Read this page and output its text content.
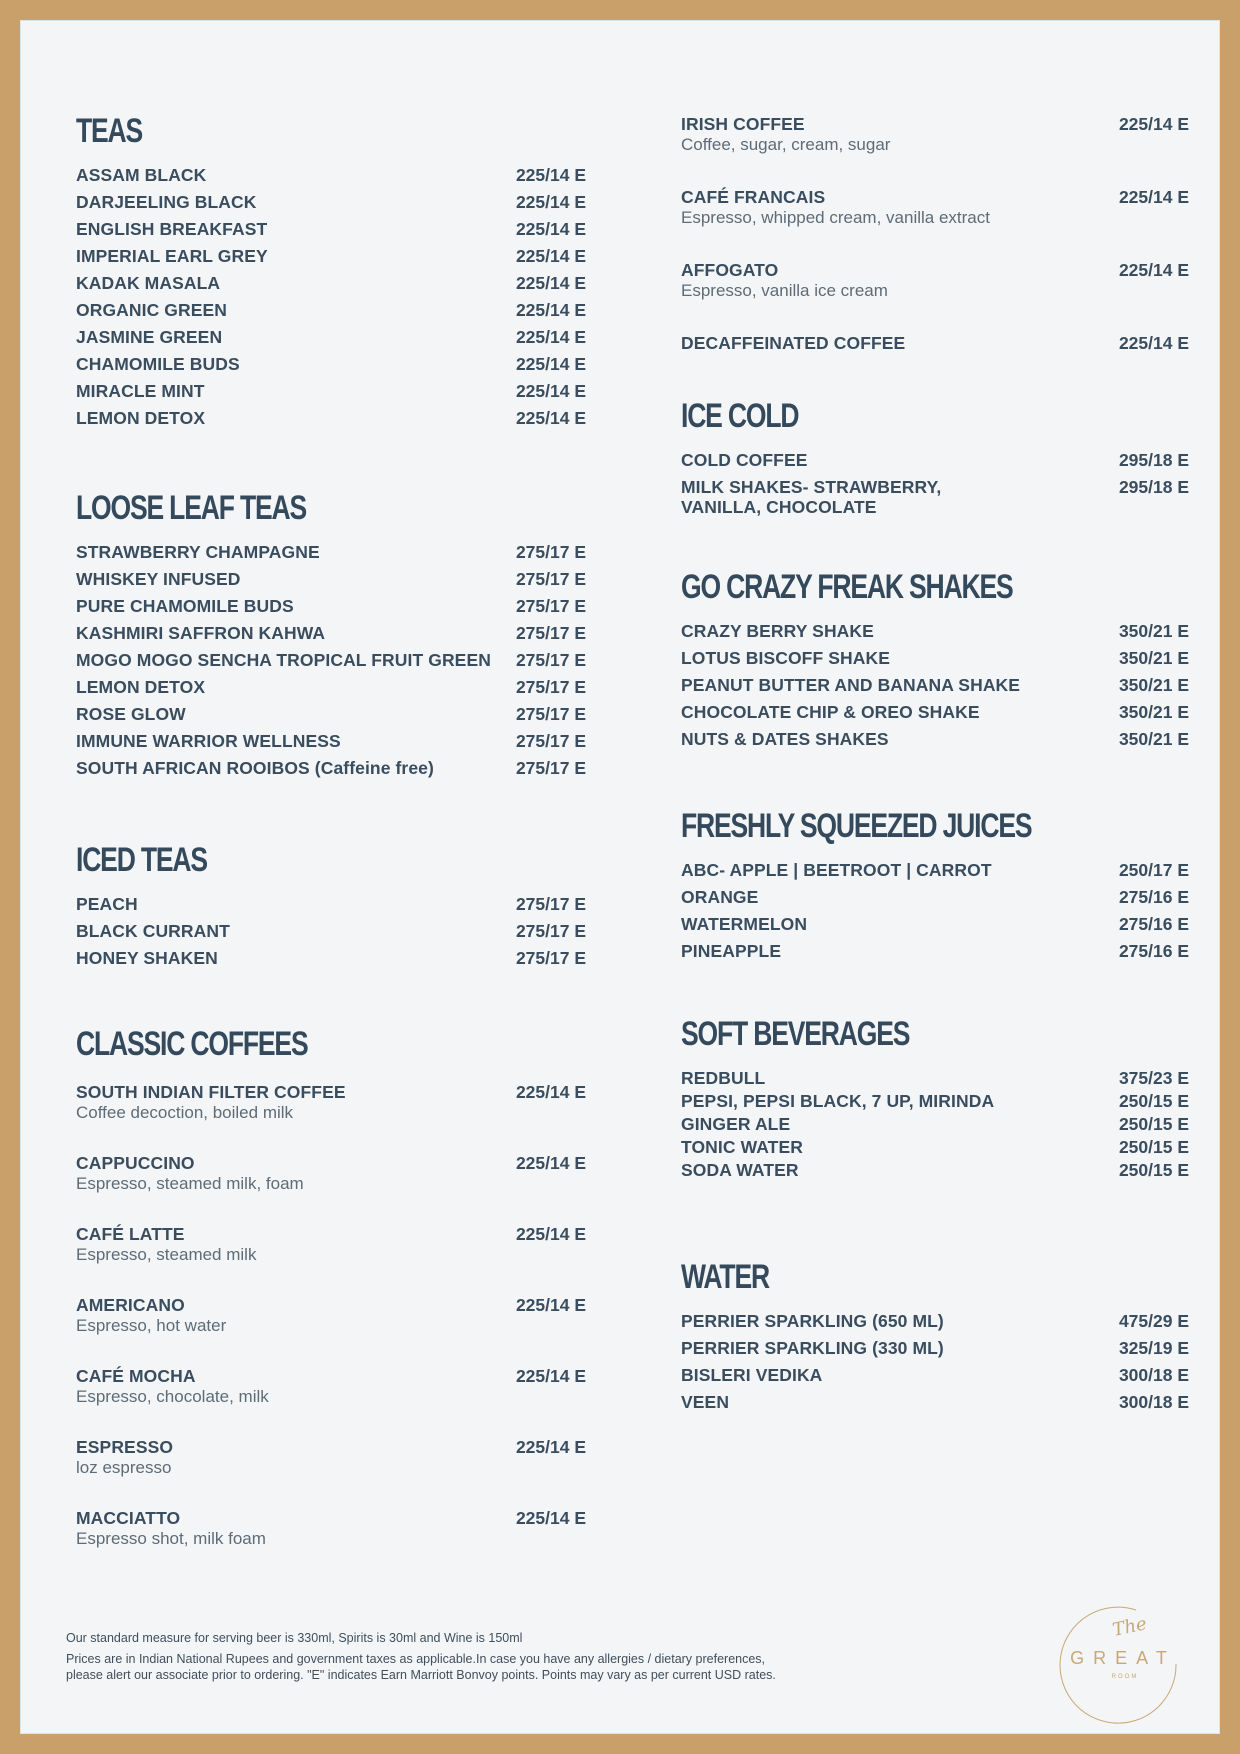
TEAS
ASSAM BLACK	225/14 E
DARJEELING BLACK	225/14 E
ENGLISH BREAKFAST	225/14 E
IMPERIAL EARL GREY	225/14 E
KADAK MASALA	225/14 E
ORGANIC GREEN	225/14 E
JASMINE GREEN	225/14 E
CHAMOMILE BUDS	225/14 E
MIRACLE MINT	225/14 E
LEMON DETOX	225/14 E
LOOSE LEAF TEAS
STRAWBERRY CHAMPAGNE	275/17 E
WHISKEY INFUSED	275/17 E
PURE CHAMOMILE BUDS	275/17 E
KASHMIRI SAFFRON KAHWA	275/17 E
MOGO MOGO SENCHA TROPICAL FRUIT GREEN 275/17 E
LEMON DETOX	275/17 E
ROSE GLOW	275/17 E
IMMUNE WARRIOR WELLNESS	275/17 E
SOUTH AFRICAN ROOIBOS (Caffeine free)	275/17 E
ICED TEAS
PEACH	275/17 E
BLACK CURRANT	275/17 E
HONEY SHAKEN	275/17 E
CLASSIC COFFEES
SOUTH INDIAN FILTER COFFEE	225/14 E
Coffee decoction, boiled milk
CAPPUCCINO	225/14 E
Espresso, steamed milk, foam
CAFÉ LATTE	225/14 E
Espresso, steamed milk
AMERICANO	225/14 E
Espresso, hot water
CAFÉ MOCHA	225/14 E
Espresso, chocolate, milk
ESPRESSO	225/14 E
loz espresso
MACCIATTO	225/14 E
Espresso shot, milk foam
IRISH COFFEE	225/14 E
Coffee, sugar, cream, sugar
CAFÉ FRANCAIS	225/14 E
Espresso, whipped cream, vanilla extract
AFFOGATO	225/14 E
Espresso, vanilla ice cream
DECAFFEINATED COFFEE	225/14 E
ICE COLD
COLD COFFEE	295/18 E
MILK SHAKES- STRAWBERRY, VANILLA, CHOCOLATE
295/18 E
GO CRAZY FREAK SHAKES
CRAZY BERRY SHAKE	350/21 E
LOTUS BISCOFF SHAKE	350/21 E
PEANUT BUTTER AND BANANA SHAKE	350/21 E
CHOCOLATE CHIP & OREO SHAKE	350/21 E
NUTS & DATES SHAKES	350/21 E
FRESHLY SQUEEZED JUICES
ABC- APPLE | BEETROOT | CARROT	250/17 E
ORANGE	275/16 E
WATERMELON	275/16 E
PINEAPPLE	275/16 E
SOFT BEVERAGES
REDBULL	375/23 E
PEPSI, PEPSI BLACK, 7 UP, MIRINDA	250/15 E
GINGER ALE	250/15 E
TONIC WATER	250/15 E
SODA WATER	250/15 E
WATER
PERRIER SPARKLING (650 ML)	475/29 E
PERRIER SPARKLING (330 ML)	325/19 E
BISLERI VEDIKA	300/18 E
VEEN	300/18 E

Our standard measure for serving beer is 330ml, Spirits is 30ml and Wine is 150ml

Prices are in Indian National Rupees and government taxes as applicable.In case you have any allergies / dietary preferences,

please alert our associate prior to ordering. "E" indicates Earn Marriott Bonvoy points. Points may vary as per current USD rates.

The
GREAT
ROOM
